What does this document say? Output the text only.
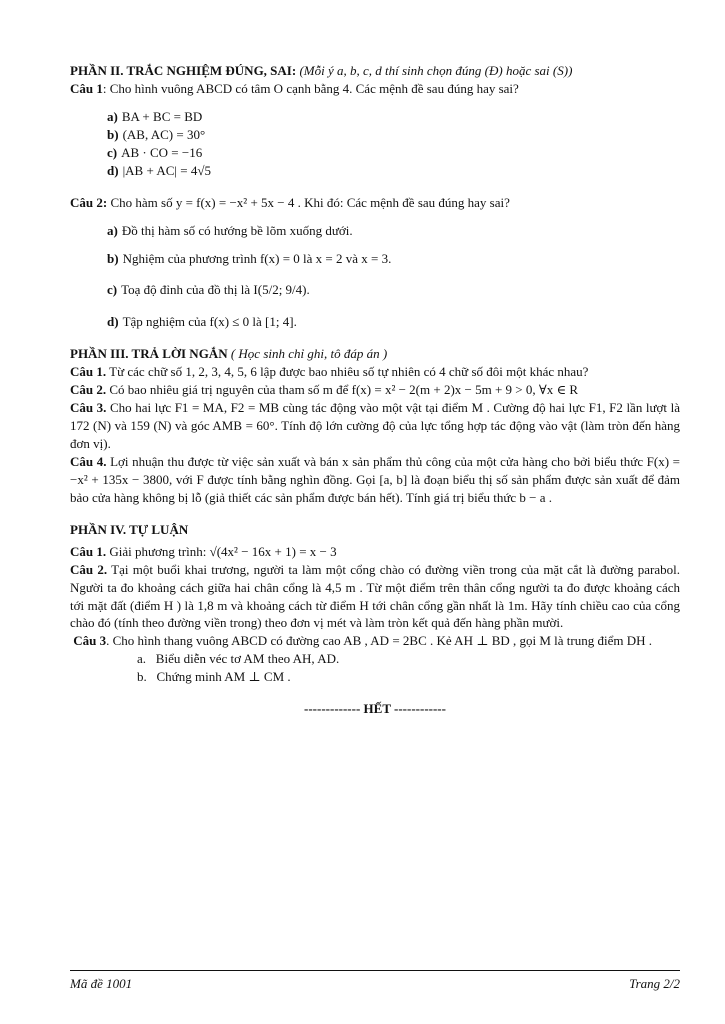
PHẦN II. TRẮC NGHIỆM ĐÚNG, SAI: (Mỗi ý a, b, c, d thí sinh chọn đúng (Đ) hoặc sai (S))

Câu 1: Cho hình vuông ABCD có tâm O cạnh bằng 4. Các mệnh đề sau đúng hay sai?

a) BA + BC = BD

b) (AB, AC) = 30°

c) AB · CO = −16

d) |AB + AC| = 4√5

Câu 2: Cho hàm số y = f(x) = −x² + 5x − 4 . Khi đó: Các mệnh đề sau đúng hay sai?

a) Đồ thị hàm số có hướng bề lõm xuống dưới.

b) Nghiệm của phương trình f(x) = 0 là x = 2 và x = 3.

c) Toạ độ đỉnh của đồ thị là I(5/2; 9/4).

d) Tập nghiệm của f(x) ≤ 0 là [1; 4].

PHẦN III. TRẢ LỜI NGẮN ( Học sinh chỉ ghi, tô đáp án )

Câu 1. Từ các chữ số 1, 2, 3, 4, 5, 6 lập được bao nhiêu số tự nhiên có 4 chữ số đôi một khác nhau?

Câu 2. Có bao nhiêu giá trị nguyên của tham số m để f(x) = x² − 2(m + 2)x − 5m + 9 > 0, ∀x ∈ R

Câu 3. Cho hai lực F1 = MA, F2 = MB cùng tác động vào một vật tại điểm M . Cường độ hai lực F1, F2 lần lượt là 172 (N) và 159 (N) và góc AMB = 60°. Tính độ lớn cường độ của lực tổng hợp tác động vào vật (làm tròn đến hàng đơn vị).

Câu 4. Lợi nhuận thu được từ việc sản xuất và bán x sản phẩm thủ công của một cửa hàng cho bởi biểu thức F(x) = −x² + 135x − 3800, với F được tính bằng nghìn đồng. Gọi [a, b] là đoạn biểu thị số sản phẩm được sản xuất để đảm bảo cửa hàng không bị lỗ (giả thiết các sản phẩm được bán hết). Tính giá trị biểu thức b − a .

PHẦN IV. TỰ LUẬN

Câu 1. Giải phương trình: √(4x² − 16x + 1) = x − 3

Câu 2. Tại một buổi khai trương, người ta làm một cổng chào có đường viền trong của mặt cắt là đường parabol. Người ta đo khoảng cách giữa hai chân cổng là 4,5 m . Từ một điểm trên thân cổng người ta đo được khoảng cách tới mặt đất (điểm H ) là 1,8 m và khoảng cách từ điểm H tới chân cổng gần nhất là 1m. Hãy tính chiều cao của cổng chào đó (tính theo đường viền trong) theo đơn vị mét và làm tròn kết quả đến hàng phần mười.

Câu 3. Cho hình thang vuông ABCD có đường cao AB , AD = 2BC . Kẻ AH ⊥ BD , gọi M là trung điểm DH .

a. Biểu diễn véc tơ AM theo AH, AD.

b. Chứng minh AM ⊥ CM .

------------- HẾT ------------

Mã đề 1001	Trang 2/2
